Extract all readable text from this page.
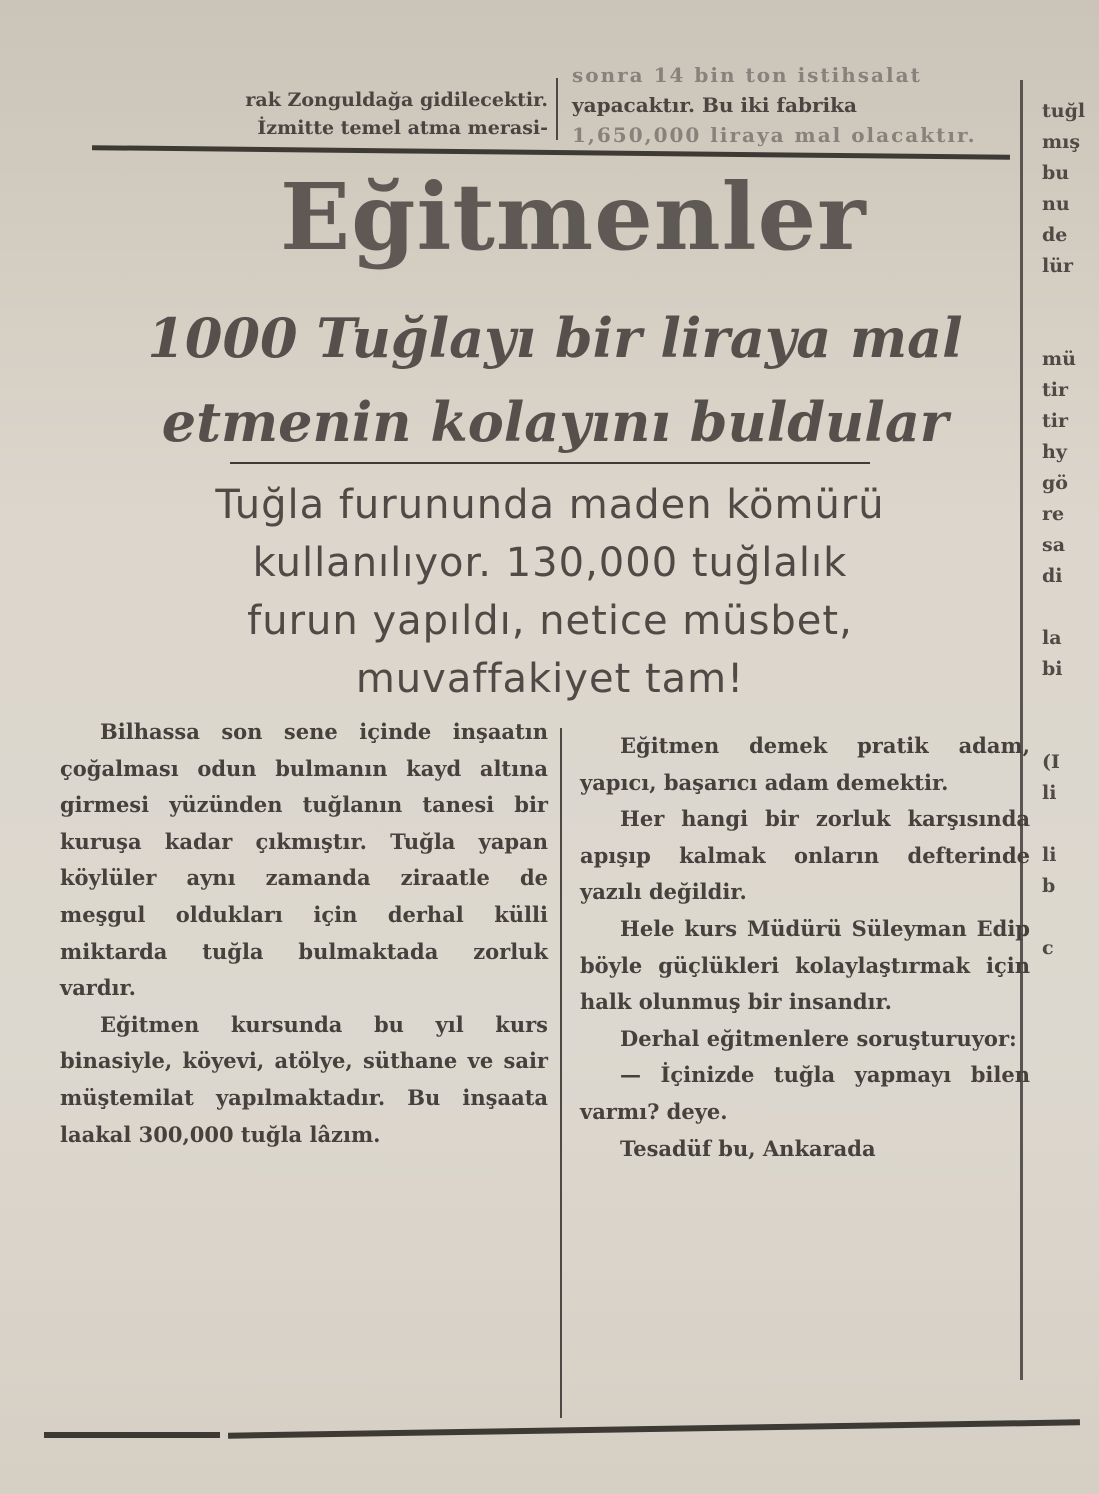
rak Zonguldağa gidilecektir.
İzmitte temel atma merasi-
sonra 14 bin ton istihsalat
yapacaktır. Bu iki fabrika
1,650,000 liraya mal olacaktır.
Eğitmenler
1000 Tuğlayı bir liraya mal
etmenin kolayını buldular
Tuğla furununda maden kömürü
kullanılıyor. 130,000 tuğlalık
furun yapıldı, netice müsbet,
muvaffakiyet tam!

Bilhassa son sene içinde inşaatın çoğalması odun bulmanın kayd altına girmesi yüzünden tuğlanın tanesi bir kuruşa kadar çıkmıştır. Tuğla yapan köylüler aynı zamanda ziraatle de meşgul oldukları için derhal külli miktarda tuğla bulmaktada zorluk vardır.

Eğitmen kursunda bu yıl kurs binasiyle, köyevi, atölye, süthane ve sair müştemilat yapılmaktadır. Bu inşaata laakal 300,000 tuğla lâzım.

Eğitmen demek pratik adam, yapıcı, başarıcı adam demektir.

Her hangi bir zorluk karşısında apışıp kalmak onların defterinde yazılı değildir.

Hele kurs Müdürü Süleyman Edip böyle güçlükleri kolaylaştırmak için halk olunmuş bir insandır.

Derhal eğitmenlere soruşturuyor:

— İçinizde tuğla yapmayı bilen varmı? deye.

Tesadüf bu, Ankarada

tuğl
mış
bu
nu
de
lür
mü
tir
tir
hy
gö
re
sa
di
la
bi
(I
li
li
b
c
